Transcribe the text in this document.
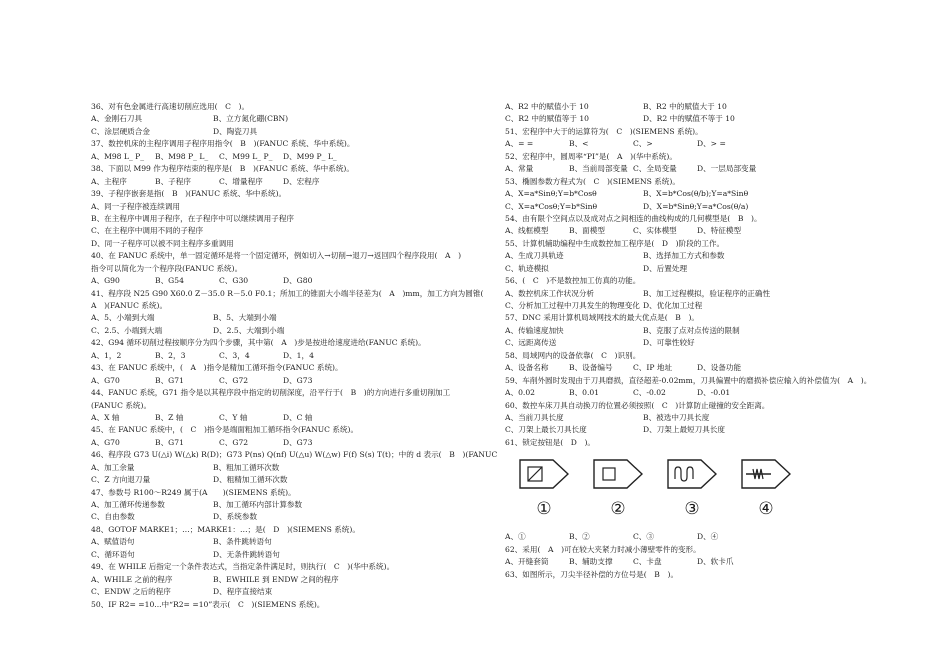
36、对有色金属进行高速切削应选用(　C　)。
A、金刚石刀具	B、立方氮化硼(CBN)
C、涂层硬质合金	D、陶瓷刀具
37、数控机床的主程序调用子程序用指令(　B　)(FANUC 系统、华中系统)。
A、M98 L_ P_ B、M98 P_ L_ C、M99 L_ P_ D、M99 P_ L_
38、下面以 M99 作为程序结束的程序是(　B　)(FANUC 系统、华中系统)。
A、主程序	B、子程序	C、增量程序	D、宏程序
39、子程序嵌套是指(　B　)(FANUC 系统、华中系统)。
A、同一子程序被连续调用
B、在主程序中调用子程序，在子程序中可以继续调用子程序
C、在主程序中调用不同的子程序
D、同一子程序可以被不同主程序多重调用
40、在 FANUC 系统中，单一固定循环是将一个固定循环，例如切入→切削→退刀→返回四个程序段用(　A　)
指令可以简化为一个程序段(FANUC 系统)。
A、G90	B、G54	C、G30	D、G80
41、程序段 N25 G90 X60.0 Z－35.0 R－5.0 F0.1；所加工的锥面大小端半径差为(　A　)mm，加工方向为圆锥(
A　)(FANUC 系统)。
A、5、小端到大端	B、5、大端到小端
C、2.5、小端到大端	D、2.5、大端到小端
42、G94 循环切削过程按顺序分为四个步骤，其中第(　A　)步是按进给速度进给(FANUC 系统)。
A、1，2	B、2，3	C、3，4	D、1，4
43、在 FANUC 系统中，(　A　)指令是精加工循环指令(FANUC 系统)。
A、G70	B、G71	C、G72	D、G73
44、FANUC 系统，G71 指令是以其程序段中指定的切削深度，沿平行于(　B　)的方向进行多重切削加工
(FANUC 系统)。
A、X 轴	B、Z 轴	C、Y 轴	D、C 轴
45、在 FANUC 系统中，(　C　)指令是端面粗加工循环指令(FANUC 系统)。
A、G70	B、G71	C、G72	D、G73
46、程序段 G73 U(△i) W(△k) R(D)；G73 P(ns) Q(nf) U(△u) W(△w) F(f) S(s) T(t)；中的 d 表示(　B　)(FANUC
A、加工余量	B、粗加工循环次数
C、Z 方向退刀量	D、粗精加工循环次数
47、参数号 R100～R249 属于(A　　)(SIEMENS 系统)。
A、加工循环传递参数	B、加工循环内部计算参数
C、自由参数	D、系统参数
48、GOTOF MARKE1；…；MARKE1：…；是(　D　)(SIEMENS 系统)。
A、赋值语句	B、条件跳转语句
C、循环语句	D、无条件跳转语句
49、在 WHILE 后指定一个条件表达式，当指定条件满足时，则执行(　C　)(华中系统)。
A、WHILE 之前的程序	B、EWHILE 到 ENDW 之间的程序
C、ENDW 之后的程序	D、程序直接结束
50、IF R2= =10...中“R2= =10”表示(　C　)(SIEMENS 系统)。
A、R2 中的赋值小于 10	B、R2 中的赋值大于 10
C、R2 中的赋值等于 10	D、R2 中的赋值不等于 10
51、宏程序中大于的运算符为(　C　)(SIEMENS 系统)。
A、= =	B、<	C、>	D、> =
52、宏程序中，圆周率“PI”是(　A　)(华中系统)。
A、常量	B、当前局部变量 C、全局变量	D、一层局部变量
53、椭圆参数方程式为(　C　)(SIEMENS 系统)。
A、X=a*Sinθ;Y=b*Cosθ	B、X=b*Cos(θ/b);Y=a*Sinθ
C、X=a*Cosθ;Y=b*Sinθ	D、X=b*Sinθ;Y=a*Cos(θ/a)
54、由有限个空间点以及成对点之间相连的曲线构成的几何模型是(　B　)。
A、线框模型	B、面模型	C、实体模型	D、特征模型
55、计算机辅助编程中生成数控加工程序是(　D　)阶段的工作。
A、生成刀具轨迹	B、选择加工方式和参数
C、轨迹模拟	D、后置处理
56、(　C　)不是数控加工仿真的功能。
A、数控机床工作状况分析	B、加工过程模拟，验证程序的正确性
C、分析加工过程中刀具发生的物理变化 D、优化加工过程
57、DNC 采用计算机局域网技术的最大优点是(　B　)。
A、传输速度加快	B、克服了点对点传送的限制
C、远距离传送	D、可靠性较好
58、局域网内的设备依靠(　C　)识别。
A、设备名称	B、设备编号	C、IP 地址	D、设备功能
59、车削外圆时发现由于刀具磨损，直径超差-0.02mm，刀具偏置中的磨损补偿应输入的补偿值为(　A　)。
A、0.02	B、0.01	C、-0.02	D、-0.01
60、数控车床刀具自动换刀的位置必须按照(　C　)计算防止碰撞的安全距离。
A、当前刀具长度	B、被选中刀具长度
C、刀架上最长刀具长度	D、刀架上最短刀具长度
61、锁定按钮是(　D　)。
①	②	③	④
A、①	B、②	C、③	D、④
62、采用(　A　)可在较大夹紧力时减小薄壁零件的变形。
A、开缝套筒	B、辅助支撑	C、卡盘	D、软卡爪
63、如图所示，刀尖半径补偿的方位号是(　B　)。
